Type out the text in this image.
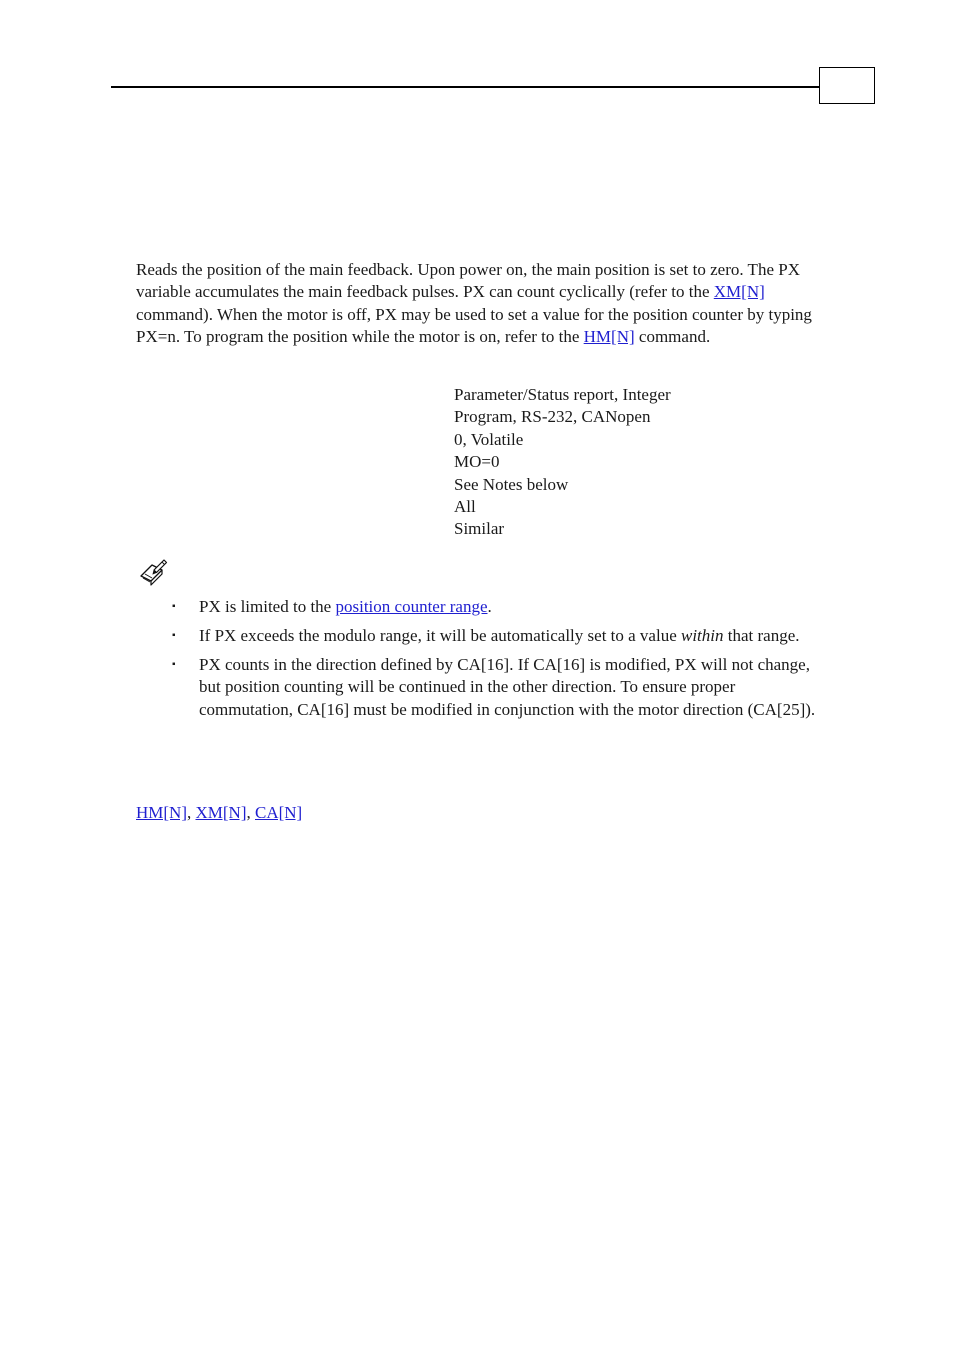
Reads the position of the main feedback. Upon power on, the main position is set to zero. The PX variable accumulates the main feedback pulses. PX can count cyclically (refer to the XM[N] command). When the motor is off, PX may be used to set a value for the position counter by typing PX=n. To program the position while the motor is on, refer to the HM[N] command.

Parameter/Status report, Integer
Program, RS-232, CANopen
0, Volatile
MO=0
See Notes below
All
Similar
▪ PX is limited to the position counter range.
▪ If PX exceeds the modulo range, it will be automatically set to a value within that range.
▪ PX counts in the direction defined by CA[16]. If CA[16] is modified, PX will not change, but position counting will be continued in the other direction. To ensure proper commutation, CA[16] must be modified in conjunction with the motor direction (CA[25]).
HM[N], XM[N], CA[N]
